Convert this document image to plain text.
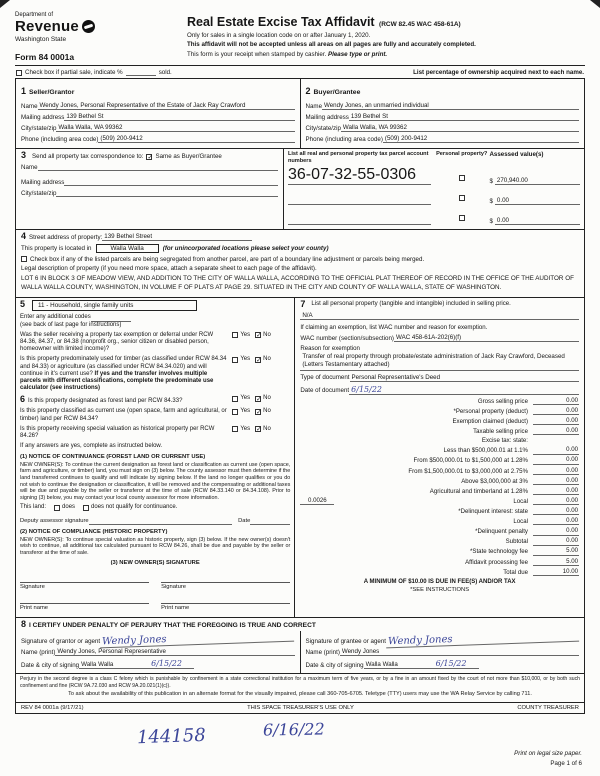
Department of
Revenue
Washington State
Form 84 0001a
Real Estate Excise Tax Affidavit (RCW 82.45 WAC 458-61A)
Only for sales in a single location code on or after January 1, 2020.
This affidavit will not be accepted unless all areas on all pages are fully and accurately completed.
This form is your receipt when stamped by cashier. Please type or print.
Check box if partial sale, indicate %	sold.	List percentage of ownership acquired next to each name.
1 Seller/Grantor
Name Wendy Jones, Personal Representative of the Estate of Jack Ray Crawford
Mailing address 139 Bethel St
City/state/zip Walla Walla, WA 99362
Phone (including area code) (509) 200-9412
2 Buyer/Grantee
Name Wendy Jones, an unmarried individual
Mailing address 139 Bethel St
City/state/zip Walla Walla, WA 99362
Phone (including area code) (509) 200-9412
3 Send all property tax correspondence to: ✓ Same as Buyer/Grantee
Name
Mailing address
City/state/zip
List all real and personal property tax parcel account numbers
Personal property? Assessed value(s)
36-07-32-55-0306	$ 270,940.00
$ 0.00
$ 0.00
4 Street address of property: 139 Bethel Street
This property is located in	Walla Walla	(for unincorporated locations please select your county)
Check box if any of the listed parcels are being segregated from another parcel, are part of a boundary line adjustment or parcels being merged.
Legal description of property (if you need more space, attach a separate sheet to each page of the affidavit).
LOT 6 IN BLOCK 3 OF MEADOW VIEW, AND ADDITION TO THE CITY OF WALLA WALLA, ACCORDING TO THE OFFICIAL PLAT THEREOF OF RECORD IN THE OFFICE OF THE AUDITOR OF WALLA WALLA COUNTY, WASHINGTON, IN VOLUME F OF PLATS AT PAGE 29. SITUATED IN THE CITY AND COUNTY OF WALLA WALLA, STATE OF WASHINGTON.
5	11 - Household, single family units
Enter any additional codes
(see back of last page for instructions)
Was the seller receiving a property tax exemption or deferral under RCW 84.36, 84.37, or 84.38 (nonprofit org., senior citizen or disabled person, homeowner with limited income)?
Yes ✓ No
Is this property predominately used for timber (as classified under RCW 84.34 and 84.33) or agriculture (as classified under RCW 84.34.020) and will continue in it's current use? If yes and the transfer involves multiple parcels with different classifications, complete the predominate use calculator (see instructions)
Yes ✓ No
6 Is this property designated as forest land per RCW 84.33?	Yes ✓ No
Is this property classified as current use (open space, farm and agricultural, or timber) land per RCW 84.34?
Yes ✓ No
Is this property receiving special valuation as historical property per RCW 84.26?
Yes ✓ No
If any answers are yes, complete as instructed below.
(1) NOTICE OF CONTINUANCE (FOREST LAND OR CURRENT USE)
NEW OWNER(S): To continue the current designation as forest land or classification as current use (open space, farm and agriculture, or timber) land, you must sign on (3) below. The county assessor must then determine if the land transferred continues to qualify and will indicate by signing below. If the land no longer qualifies or you do not wish to continue the designation or classification, it will be removed and the compensating or additional taxes will be due and payable by the seller or transferor at the time of sale (RCW 84.33.140 or 84.34.108). Prior to signing (3) below, you may contact your local county assessor for more information.
This land:	does	does not qualify for continuance.
Deputy assessor signature	Date
(2) NOTICE OF COMPLIANCE (HISTORIC PROPERTY)
NEW OWNER(S): To continue special valuation as historic property, sign (3) below. If the new owner(s) doesn't wish to continue, all additional tax calculated pursuant to RCW 84.26, shall be due and payable by the seller or transferor at the time of sale.
(3) NEW OWNER(S) SIGNATURE
Signature	Signature
Print name	Print name
7 List all personal property (tangible and intangible) included in selling price.
N/A
If claiming an exemption, list WAC number and reason for exemption.
WAC number (section/subsection) WAC 458-61A-202(6)(f)
Reason for exemption
Transfer of real property through probate/estate administration of Jack Ray Crawford, Deceased (Letters Testamentary attached)
Type of document Personal Representative's Deed
Date of document 6/15/22
Gross selling price	0.00
*Personal property (deduct)	0.00
Exemption claimed (deduct)	0.00
Taxable selling price	0.00
Excise tax: state:
Less than $500,000.01 at 1.1%	0.00
From $500,000.01 to $1,500,000 at 1.28%	0.00
From $1,500,000.01 to $3,000,000 at 2.75%	0.00
Above $3,000,000 at 3%	0.00
Agricultural and timberland at 1.28%	0.00
0.0026	Local	0.00
*Delinquent interest: state	0.00
Local	0.00
*Delinquent penalty	0.00
Subtotal	0.00
*State technology fee	5.00
Affidavit processing fee	5.00
Total due	10.00
A MINIMUM OF $10.00 IS DUE IN FEE(S) AND/OR TAX
*SEE INSTRUCTIONS
8 I CERTIFY UNDER PENALTY OF PERJURY THAT THE FOREGOING IS TRUE AND CORRECT
Signature of grantor or agent Wendy Jones
Name (print) Wendy Jones, Personal Representative
Date & city of signing Walla Walla	6/15/22
Signature of grantee or agent Wendy Jones
Name (print) Wendy Jones
Date & city of signing Walla Walla	6/15/22
Perjury in the second degree is a class C felony which is punishable by confinement in a state correctional institution for a maximum term of five years, or by a fine in an amount fixed by the court of not more than $10,000, or by both such confinement and fine (RCW 9A.72.030 and RCW 9A.20.021(1)(c)).
To ask about the availability of this publication in an alternate format for the visually impaired, please call 360-705-6705. Teletype (TTY) users may use the WA Relay Service by calling 711.
REV 84 0001a (9/17/21)	THIS SPACE TREASURER'S USE ONLY	COUNTY TREASURER
144158	6/16/22
Print on legal size paper.
Page 1 of 6
